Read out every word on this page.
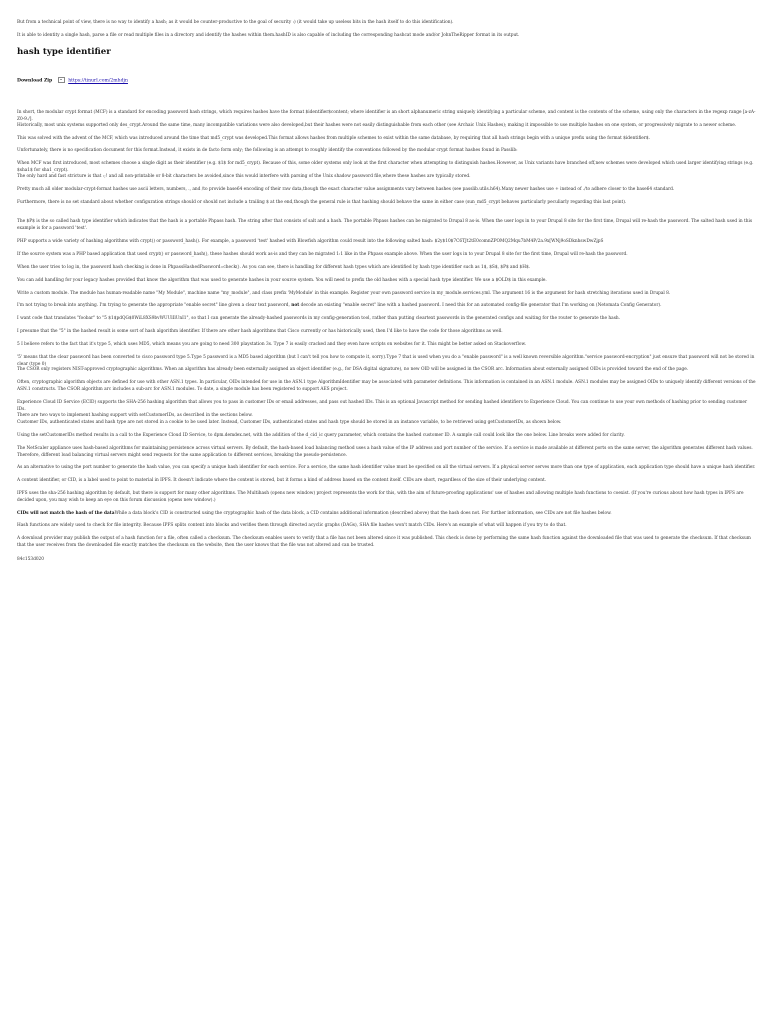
But from a technical point of view, there is no way to identify a hash; as it would be counter-productive to the goal of security :) (it would take up useless bits in the hash itself to do this identification).

It is able to identity a single hash, parse a file or read multiple files in a directory and identify the hashes within them.hashID is also capable of including the corresponding hashcat mode and/or JohnTheRipper format in its output.

hash type identifier
Download Zip	https://tinurl.com/2mhdjn

In short, the modular crypt format (MCF) is a standard for encoding password hash strings, which requires hashes have the format $identifier$content; where identifier is an short alphanumeric string uniquely identifying a particular scheme, and content is the contents of the scheme, using only the characters in the regexp range [a-zA-Z0-9./].

Historically, most unix systems supported only des_crypt.Around the same time, many incompatible variations were also developed,but their hashes were not easily distinguishable from each other (see Archaic Unix Hashes); making it impossible to use multiple hashes on one system, or progressively migrate to a newer scheme.

This was solved with the advent of the MCF, which was introduced around the time that md5_crypt was developed.This format allows hashes from multiple schemes to exist within the same database, by requiring that all hash strings begin with a unique prefix using the format $identifier$.

Unfortunately, there is no specification document for this format.Instead, it exists in de facto form only; the following is an attempt to roughly identify the conventions followed by the modular crypt format hashes found in Passlib:

When MCF was first introduced, most schemes choose a single digit as their identifier (e.g. $1$ for md5_crypt). Because of this, some older systems only look at the first character when attempting to distinguish hashes.However, as Unix variants have branched off,new schemes were developed which used larger identifying strings (e.g. $sha1$ for sha1_crypt).

The only hard and fast stricture is that :;! and all non-printable or 8-bit characters be avoided,since this would interfere with parsing of the Unix shadow password file,where these hashes are typically stored.

Pretty much all older modular-crypt-format hashes use ascii letters, numbers, ., and /to provide base64 encoding of their raw data,though the exact character value assignments vary between hashes (see passlib.utils.h64).Many newer hashes use + instead of ./to adhere closer to the base64 standard.

Furthermore, there is no set standard about whether configuration strings should or should not include a trailing $ at the end,though the general rule is that hashing should behave the same in either case (sun_md5_crypt behaves particularly peculiarly regarding this last point).

The $P$ is the so called hash type identifier which indicates that the hash is a portable Phpass hash. The string after that consists of salt and a hash. The portable Phpass hashes can be migrated to Drupal 8 as-is. When the user logs in to your Drupal 8 site for the first time, Drupal will re-hash the password. The salted hash used in this example is for a password 'test'.

PHP supports a wide variety of hashing algorithms with crypt() or password_hash(). For example, a password 'test' hashed with Blowfish algorithm could result into the following salted hash: $2y$10$7C6TJt2tE0comnZPOMQ2Mqu7bM4P/2a.9x[WNj9oSDknhswDwZjpS

If the source system was a PHP based application that used crypt() or password_hash(), these hashes should work as-is and they can be migrated 1:1 like in the Phpass example above. When the user logs in to your Drupal 8 site for the first time, Drupal will re-hash the password.

When the user tries to log in, the password hash checking is done in PhpassHashedPassword::check(). As you can see, there is handling for different hash types which are identified by hash type identifier such as 1$, $S$, $P$ and $H$.

You can add handling for your legacy hashes provided that know the algorithm that was used to generate hashes in your source system. You will need to prefix the old hashes with a special hash type identifier. We use a $OLD$ in this example.

Write a custom module. The module has human-readable name "My Module", machine name "my_module", and class prefix 'MyModule' in this example. Register your own password service in my_module.services.yml. The argument 16 is the argument for hash stretching iterations used in Drupal 8.

I'm not trying to break into anything. I'm trying to generate the appropriate "enable secret" line given a clear text password, not decode an existing "enable secret" line with a hashed password. I need this for an automated config-file generator that I'm working on (Netomata Config Generator).

I want code that translates "foobar" to "5 $1$pdQG$0WiL8XS9bvWUUlIlUnI1", so that I can generate the already-hashed passwords in my config-generation tool, rather than putting cleartext passwords in the generated configs and waiting for the router to generate the hash.

I presume that the "5" in the hashed result is some sort of hash algorithm identifier. If there are other hash algorithms that Cisco currently or has historically used, then I'd like to have the code for those algorithms as well.

5 I believe refers to the fact that it's type 5, which uses MD5, which means you are going to need 300 playstation 3s. Type 7 is easily cracked and they even have scripts on websites for it. This might be better asked on Stackoverflow.

'5' means that the clear password has been converted to cisco password type 5.Type 5 password is a MD5 based algorithm (but I can't tell you how to compute it, sorry).Type 7 that is used when you do a "enable password" is a well known reversible algorithm."service password-encryption" just ensure that password will not be stored in clear (type 0)

The CSOR only registers NIST-approved cryptographic algorithms. When an algorithm has already been externally assigned an object identifier (e.g., for DSA digital signature), no new OID will be assigned in the CSOR arc. Information about externally assigned OIDs is provided toward the end of the page.

Often, cryptographic algorithm objects are defined for use with other ASN.1 types. In particular, OIDs intended for use in the ASN.1 type AlgorithmIdentifier may be associated with parameter definitions. This information is contained in an ASN.1 module. ASN.1 modules may be assigned OIDs to uniquely identify different versions of the ASN.1 constructs. The CSOR algorithm arc includes a sub-arc for ASN.1 modules. To date, a single module has been registered to support AES project.

Experience Cloud ID Service (ECID) supports the SHA-256 hashing algorithm that allows you to pass in customer IDs or email addresses, and pass out hashed IDs. This is an optional Javascript method for sending hashed identifiers to Experience Cloud. You can continue to use your own methods of hashing prior to sending customer IDs.
There are two ways to implement hashing support with setCustomerIDs, as described in the sections below.

Customer IDs, authenticated states and hash type are not stored in a cookie to be used later. Instead, Customer IDs, authenticated states and hash type should be stored in an instance variable, to be retrieved using getCustomerIDs, as shown below.

Using the setCustomerIDs method results in a call to the Experience Cloud ID Service, to dpm.demdex.net, with the addition of the d_cid_ic query parameter, which contains the hashed customer ID. A sample call could look like the one below. Line breaks were added for clarity.

The NetScaler appliance uses hash-based algorithms for maintaining persistence across virtual servers. By default, the hash-based load balancing method uses a hash value of the IP address and port number of the service. If a service is made available at different ports on the same server, the algorithm generates different hash values. Therefore, different load balancing virtual servers might send requests for the same application to different services, breaking the pseudo-persistence.

As an alternative to using the port number to generate the hash value, you can specify a unique hash identifier for each service. For a service, the same hash identifier value must be specified on all the virtual servers. If a physical server serves more than one type of application, each application type should have a unique hash identifier.

A content identifier, or CID, is a label used to point to material in IPFS. It doesn't indicate where the content is stored, but it forms a kind of address based on the content itself. CIDs are short, regardless of the size of their underlying content.

IPFS uses the sha-256 hashing algorithm by default, but there is support for many other algorithms. The Multihash (opens new window) project represents the work for this, with the aim of future-proofing applications' use of hashes and allowing multiple hash functions to coexist. (If you're curious about how hash types in IPFS are decided upon, you may wish to keep an eye on this forum discussion (opens new window).)

CIDs will not match the hash of the dataWhile a data block's CID is constructed using the cryptographic hash of the data block, a CID contains additional information (described above) that the hash does not. For further information, see CIDs are not file hashes below.

Hash functions are widely used to check for file integrity. Because IPFS splits content into blocks and verifies them through directed acyclic graphs (DAGs), SHA file hashes won't match CIDs. Here's an example of what will happen if you try to do that.

A download provider may publish the output of a hash function for a file, often called a checksum. The checksum enables users to verify that a file has not been altered since it was published. This check is done by performing the same hash function against the downloaded file that was used to generate the checksum. If that checksum that the user receives from the downloaded file exactly matches the checksum on the website, then the user knows that the file was not altered and can be trusted.

84c153d020
